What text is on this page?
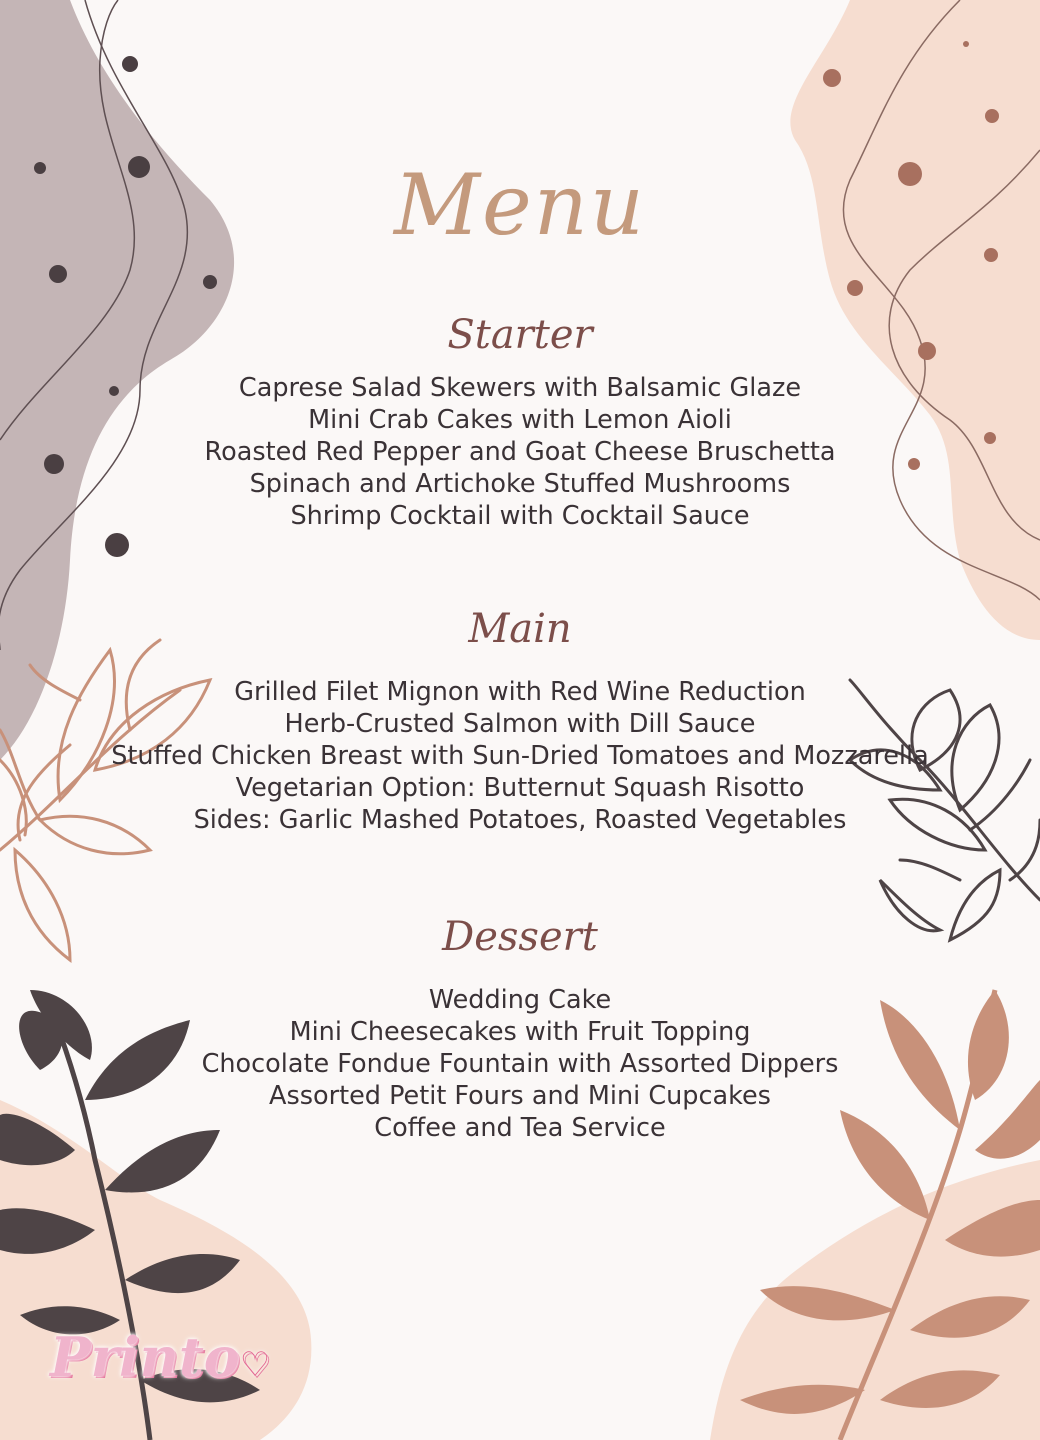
Menu
Starter
Caprese Salad Skewers with Balsamic Glaze
Mini Crab Cakes with Lemon Aioli
Roasted Red Pepper and Goat Cheese Bruschetta
Spinach and Artichoke Stuffed Mushrooms
Shrimp Cocktail with Cocktail Sauce
Main
Grilled Filet Mignon with Red Wine Reduction
Herb-Crusted Salmon with Dill Sauce
Stuffed Chicken Breast with Sun-Dried Tomatoes and Mozzarella
Vegetarian Option: Butternut Squash Risotto
Sides: Garlic Mashed Potatoes, Roasted Vegetables
Dessert
Wedding Cake
Mini Cheesecakes with Fruit Topping
Chocolate Fondue Fountain with Assorted Dippers
Assorted Petit Fours and Mini Cupcakes
Coffee and Tea Service
Printo♡
